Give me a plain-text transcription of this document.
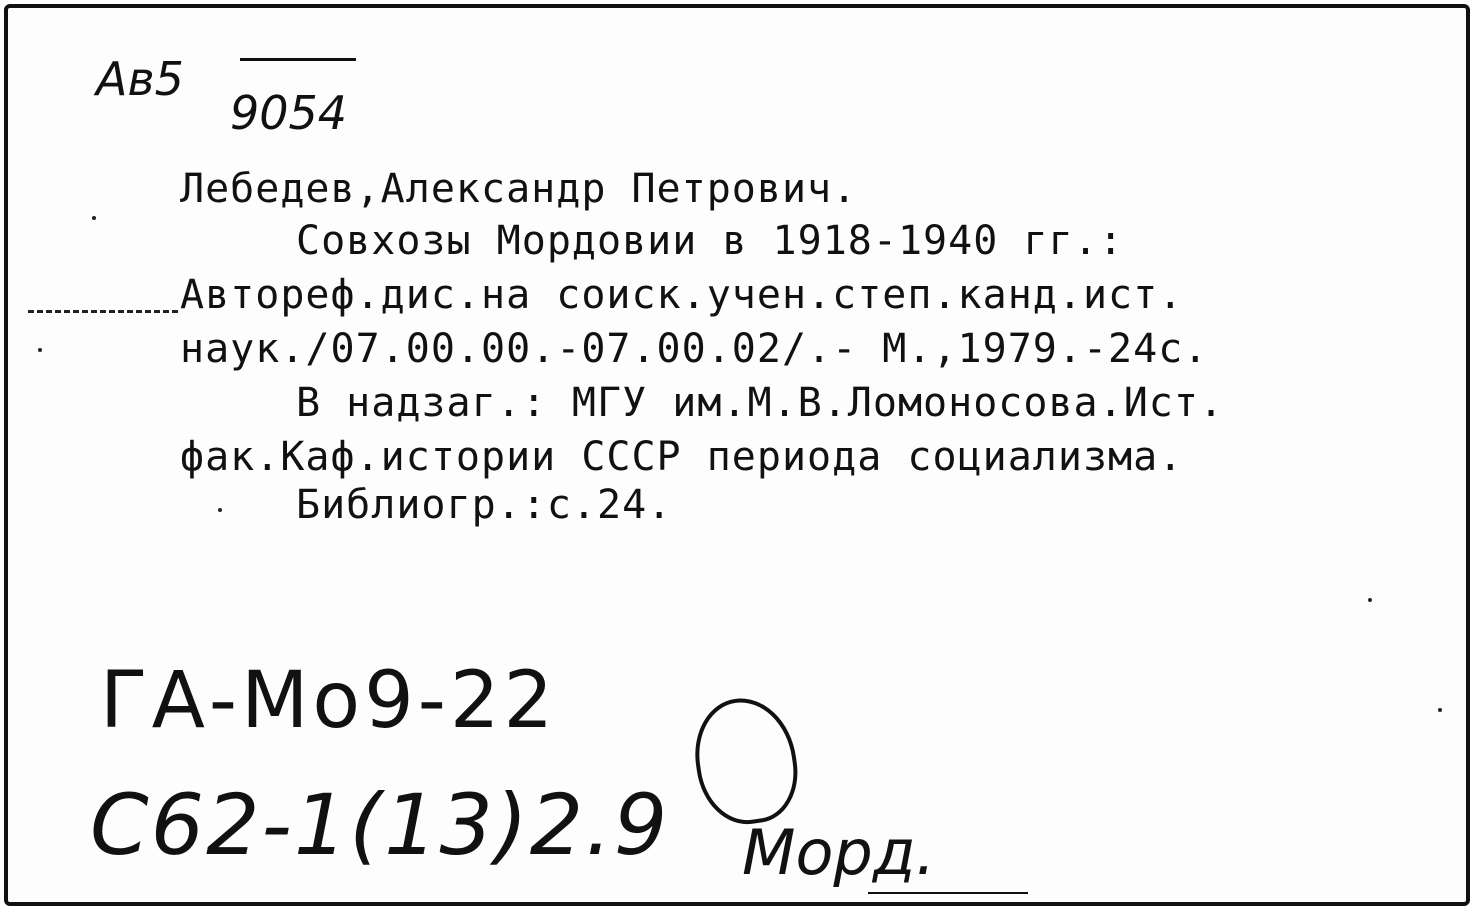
Ав5
9054
Лебедев,Александр Петрович.
Совхозы Мордовии в 1918-1940 гг.:
Автореф.дис.на соиск.учен.степ.канд.ист.
наук./07.00.00.-07.00.02/.- М.,1979.-24с.
В надзаг.: МГУ им.М.В.Ломоносова.Ист.
фак.Каф.истории СССР периода социализма.
Библиогр.:с.24.
ГА-Мо9-22
С62-1(13)2.9 Морд.
